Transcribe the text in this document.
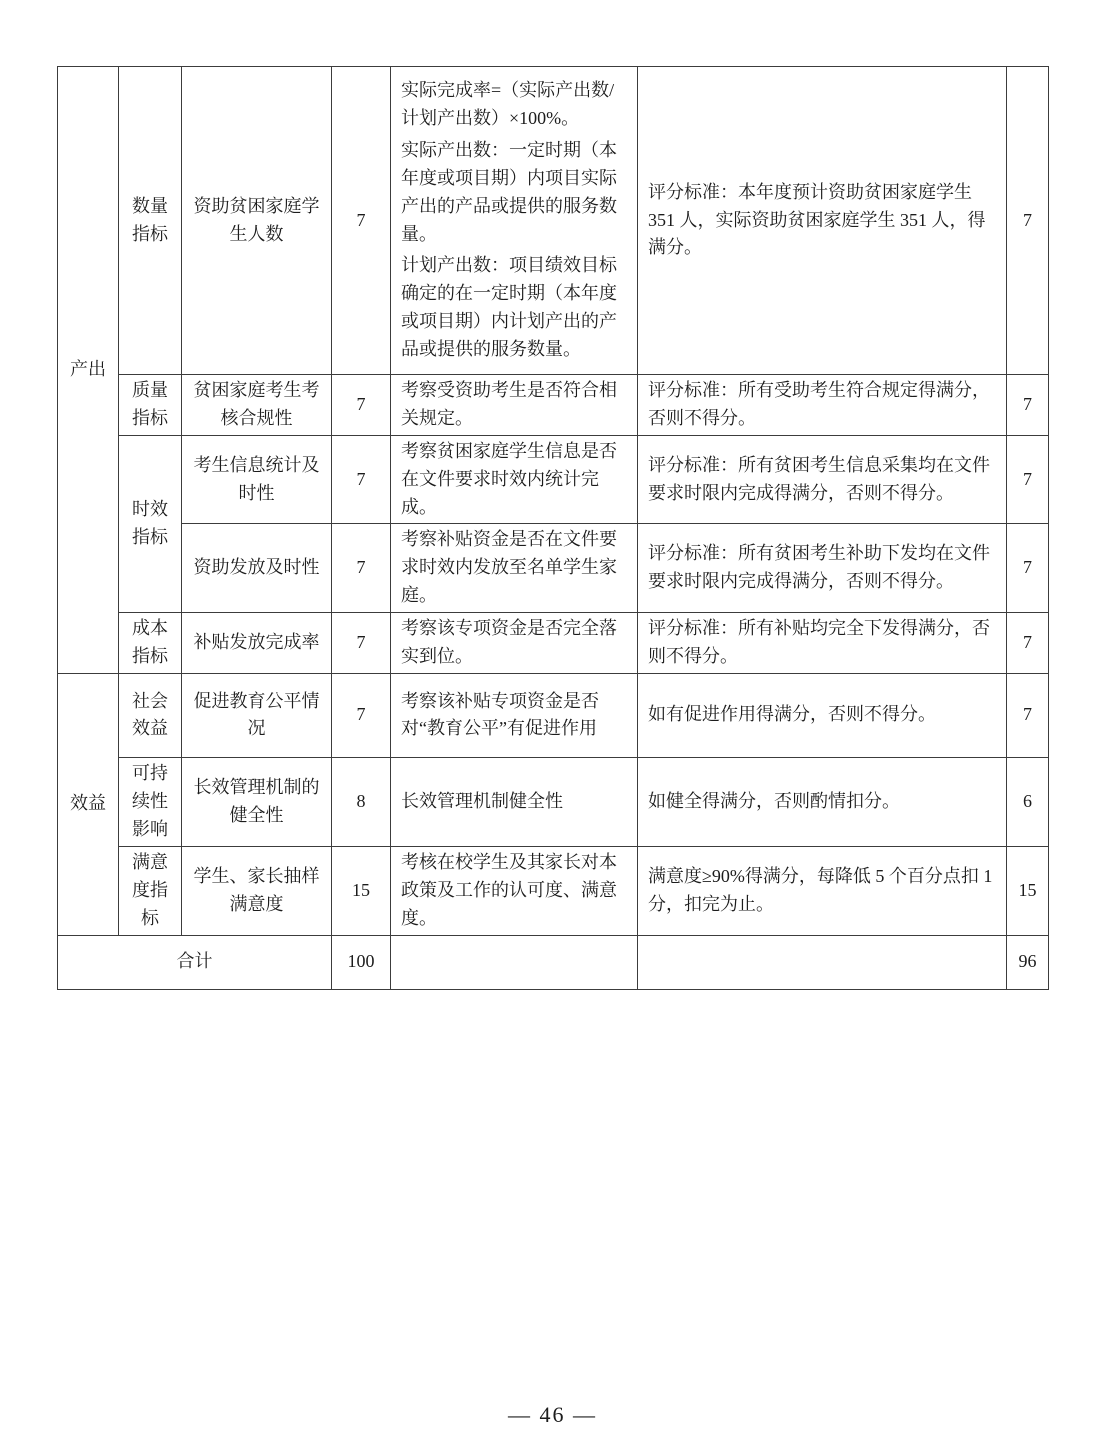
产出	数量指标	资助贫困家庭学生人数	7	实际完成率=（实际产出数/计划产出数）×100%。

实际产出数：一定时期（本年度或项目期）内项目实际产出的产品或提供的服务数量。

计划产出数：项目绩效目标确定的在一定时期（本年度或项目期）内计划产出的产品或提供的服务数量。	评分标准：本年度预计资助贫困家庭学生 351 人，实际资助贫困家庭学生 351 人，得满分。	7
	质量指标	贫困家庭考生考核合规性	7	考察受资助考生是否符合相关规定。	评分标准：所有受助考生符合规定得满分，否则不得分。	7
	时效指标	考生信息统计及时性	7	考察贫困家庭学生信息是否在文件要求时效内统计完成。	评分标准：所有贫困考生信息采集均在文件要求时限内完成得满分，否则不得分。	7
		资助发放及时性	7	考察补贴资金是否在文件要求时效内发放至名单学生家庭。	评分标准：所有贫困考生补助下发均在文件要求时限内完成得满分，否则不得分。	7
	成本指标	补贴发放完成率	7	考察该专项资金是否完全落实到位。	评分标准：所有补贴均完全下发得满分，否则不得分。	7
效益	社会效益	促进教育公平情况	7	考察该补贴专项资金是否对“教育公平”有促进作用	如有促进作用得满分，否则不得分。	7
	可持续性影响	长效管理机制的健全性	8	长效管理机制健全性	如健全得满分，否则酌情扣分。	6
	满意度指标	学生、家长抽样满意度	15	考核在校学生及其家长对本政策及工作的认可度、满意度。	满意度≥90%得满分，每降低 5 个百分点扣 1 分，扣完为止。	15
合计			100			96
— 46 —
